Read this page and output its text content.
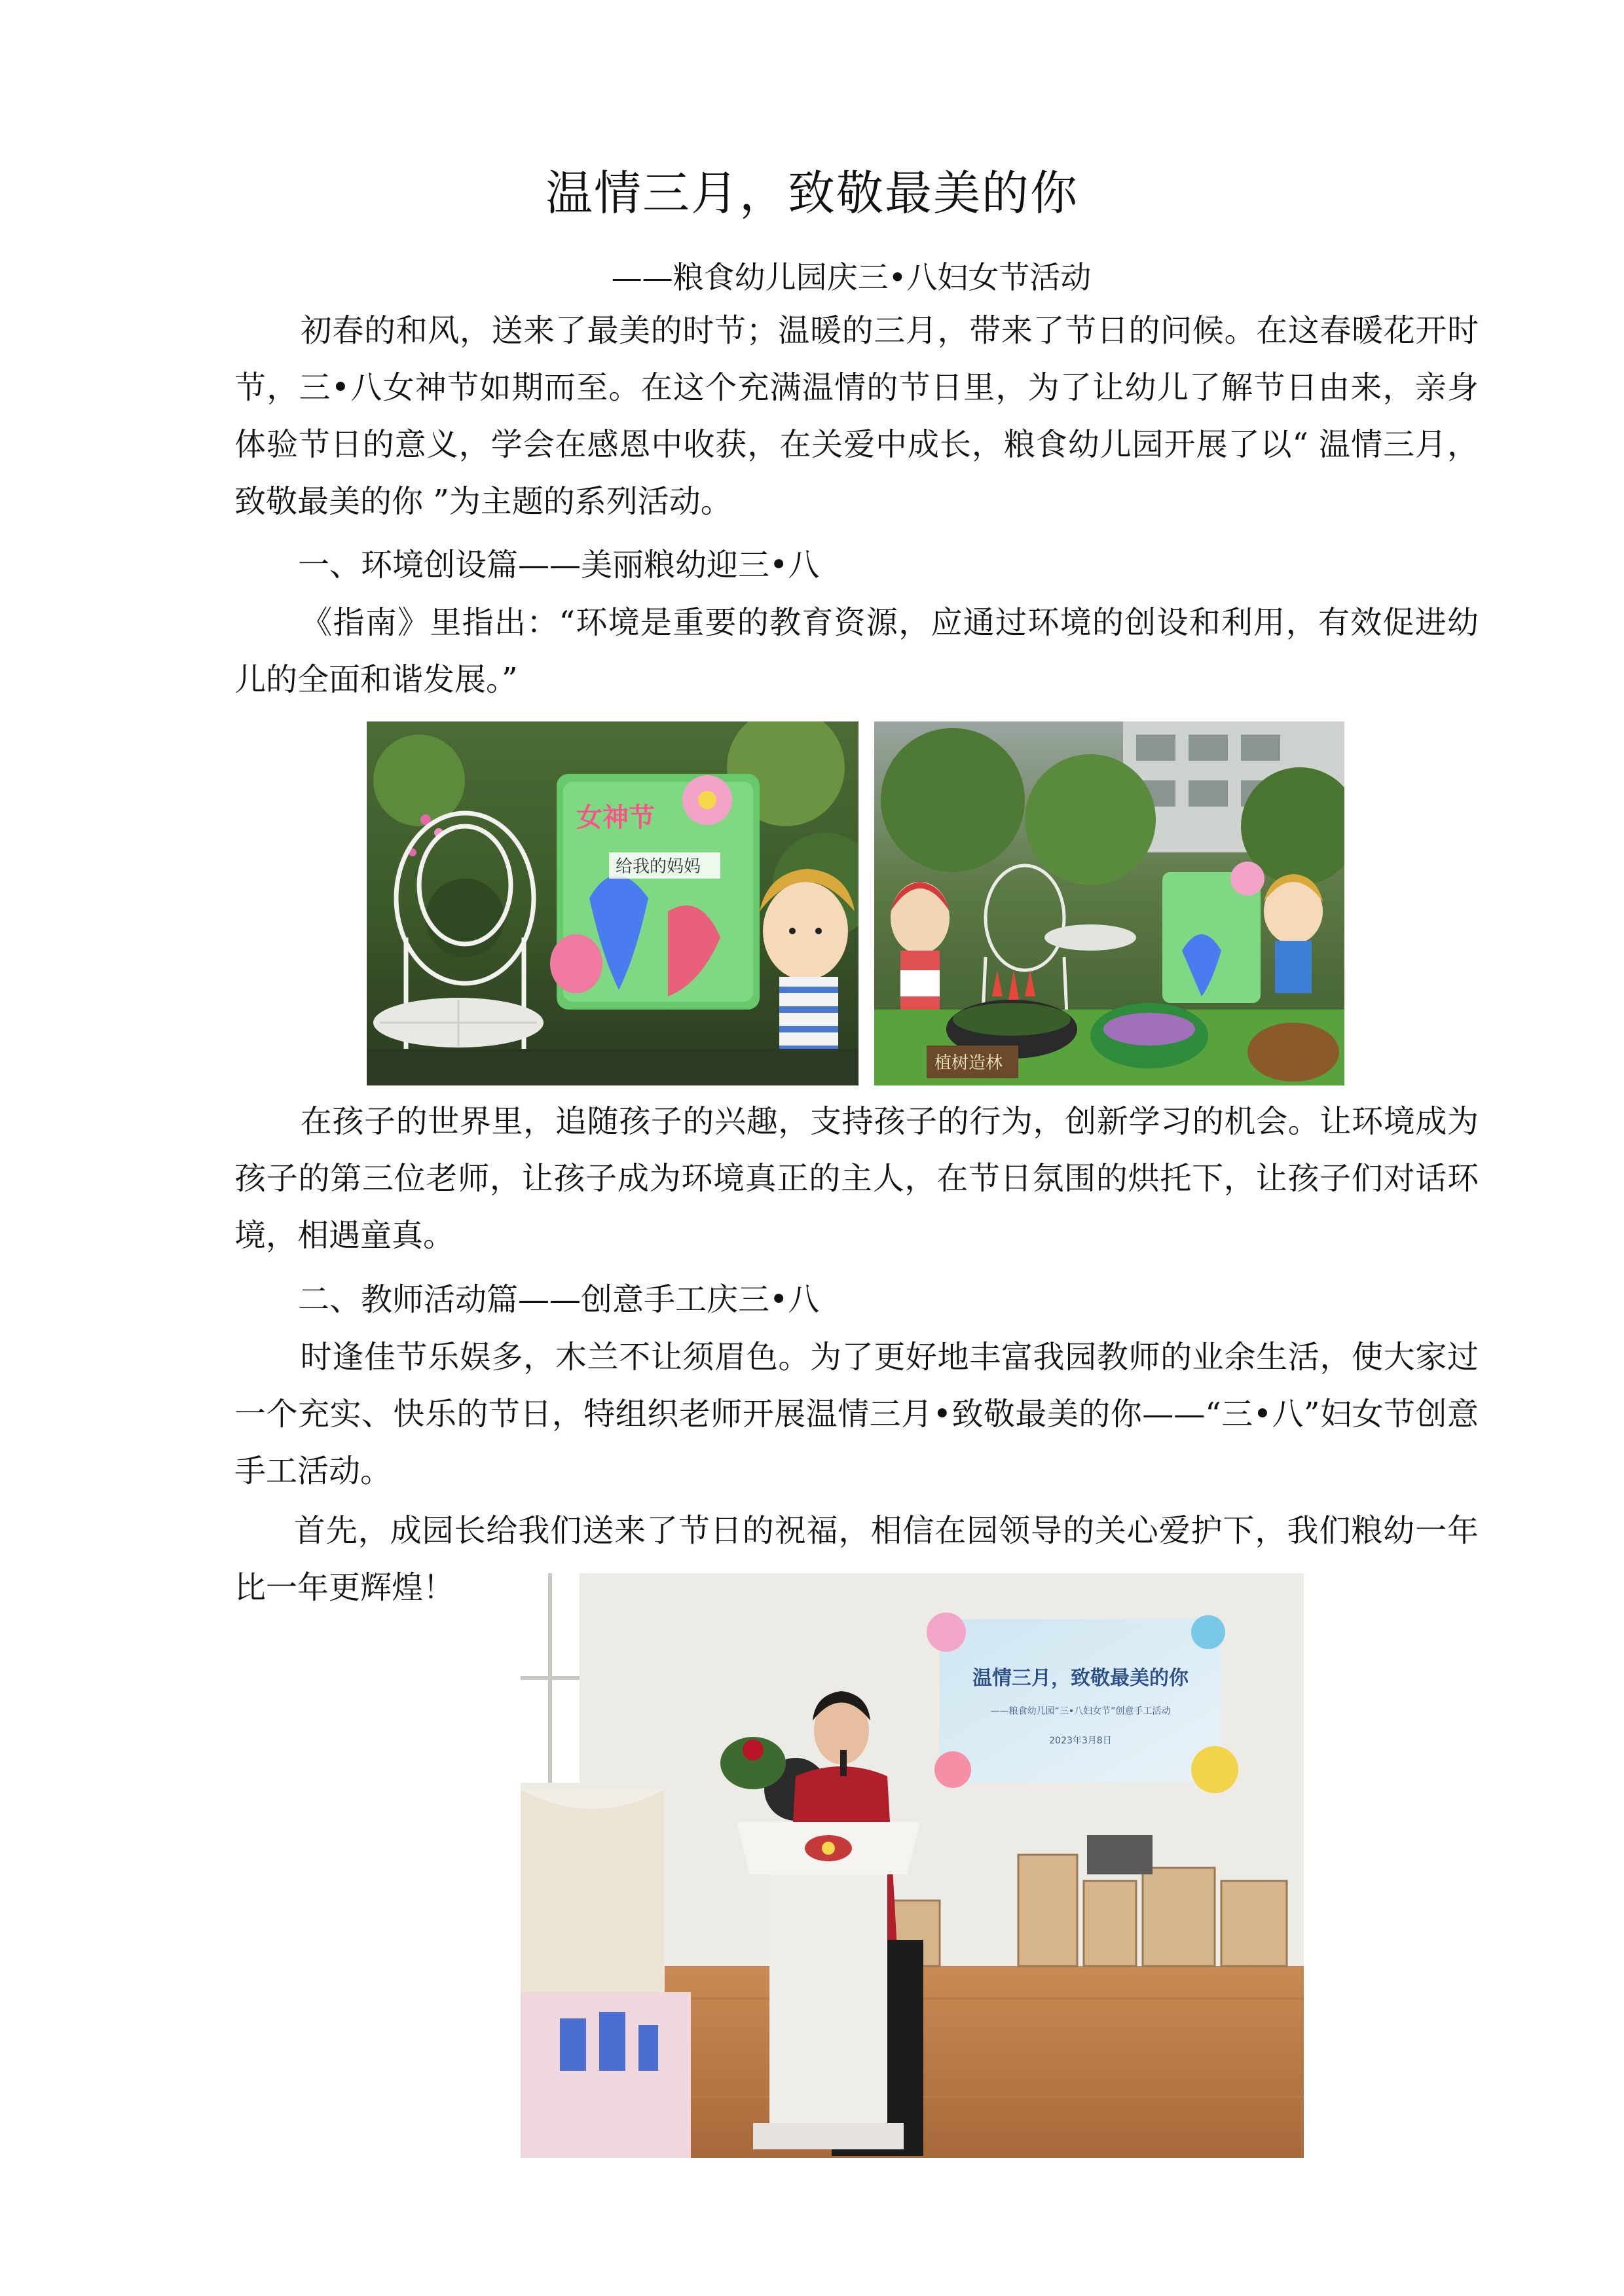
温情三月，致敬最美的你
——粮食幼儿园庆三•八妇女节活动

初春的和风，送来了最美的时节；温暖的三月，带来了节日的问候。在这春暖花开时节，三•八女神节如期而至。在这个充满温情的节日里，为了让幼儿了解节日由来，亲身体验节日的意义，学会在感恩中收获，在关爱中成长，粮食幼儿园开展了以“ 温情三月，致敬最美的你 ”为主题的系列活动。

一、环境创设篇——美丽粮幼迎三•八

《指南》里指出：“环境是重要的教育资源，应通过环境的创设和利用，有效促进幼儿的全面和谐发展。”

给我的妈妈
女神节
植树造林

在孩子的世界里，追随孩子的兴趣，支持孩子的行为，创新学习的机会。让环境成为孩子的第三位老师，让孩子成为环境真正的主人，在节日氛围的烘托下，让孩子们对话环境，相遇童真。

二、教师活动篇——创意手工庆三•八

时逢佳节乐娱多，木兰不让须眉色。为了更好地丰富我园教师的业余生活，使大家过一个充实、快乐的节日，特组织老师开展温情三月•致敬最美的你——“三•八”妇女节创意手工活动。

首先，成园长给我们送来了节日的祝福，相信在园领导的关心爱护下，我们粮幼一年比一年更辉煌！

温情三月，致敬最美的你
——粮食幼儿园“三•八妇女节”创意手工活动
2023年3月8日
